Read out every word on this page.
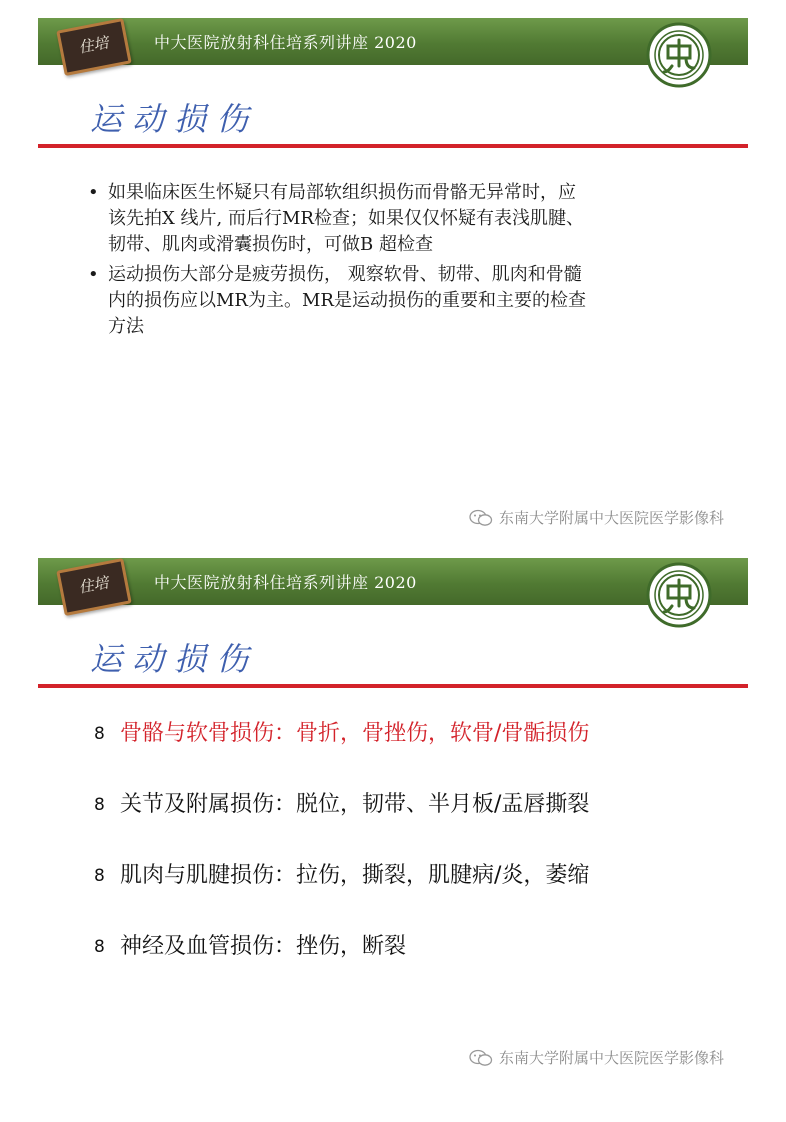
中大医院放射科住培系列讲座 2020
住培
运动损伤
• 如果临床医生怀疑只有局部软组织损伤而骨骼无异常时，应
该先拍X 线片, 而后行MR检查；如果仅仅怀疑有表浅肌腱、
韧带、肌肉或滑囊损伤时，可做B 超检查
• 运动损伤大部分是疲劳损伤， 观察软骨、韧带、肌肉和骨髓
内的损伤应以MR为主。MR是运动损伤的重要和主要的检查
方法
东南大学附属中大医院医学影像科
中大医院放射科住培系列讲座 2020
住培
运动损伤
8 骨骼与软骨损伤：骨折，骨挫伤，软骨/骨骺损伤
8 关节及附属损伤：脱位，韧带、半月板/盂唇撕裂
8 肌肉与肌腱损伤：拉伤，撕裂，肌腱病/炎，萎缩
8 神经及血管损伤：挫伤，断裂
东南大学附属中大医院医学影像科
